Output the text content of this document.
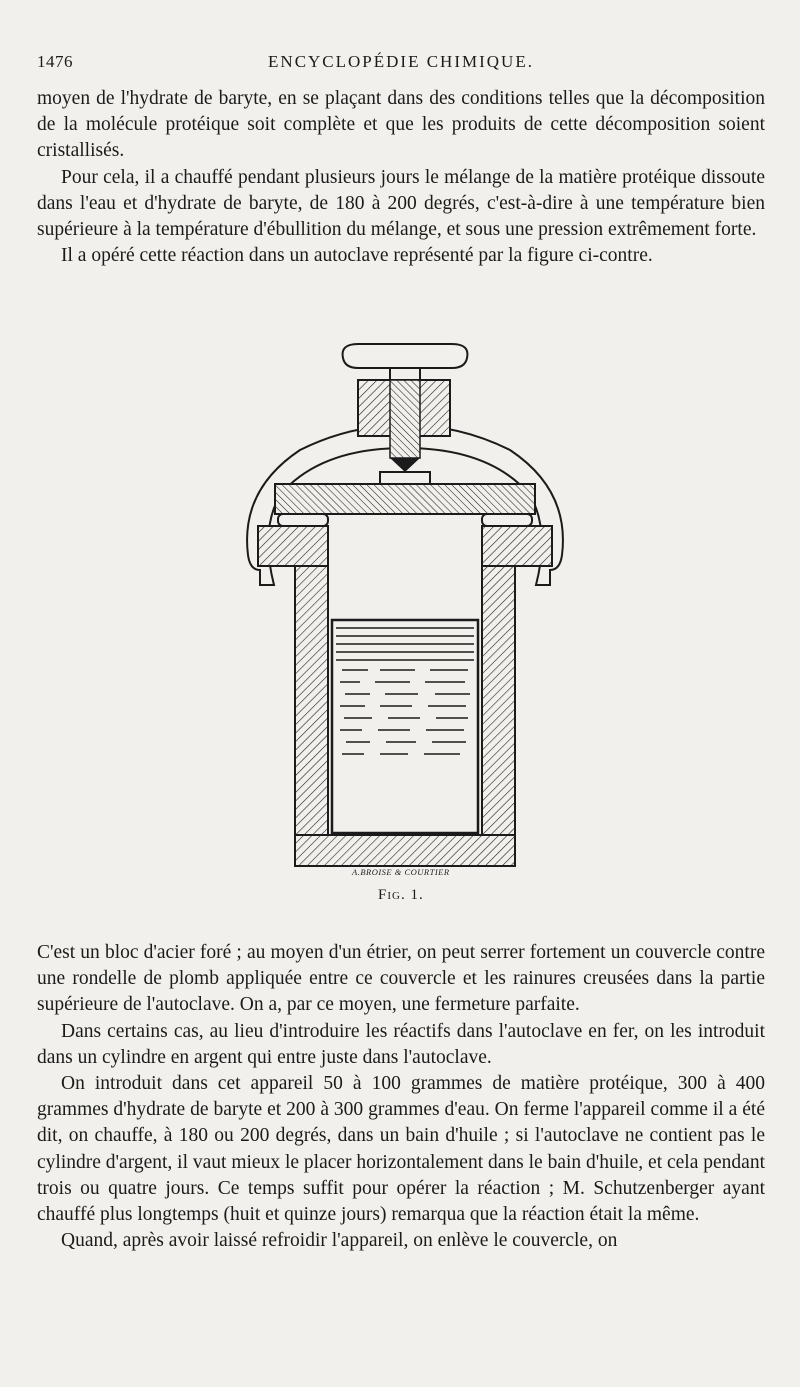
1476	ENCYCLOPÉDIE CHIMIQUE.

moyen de l'hydrate de baryte, en se plaçant dans des conditions telles que la décomposition de la molécule protéique soit complète et que les produits de cette décomposition soient cristallisés.

Pour cela, il a chauffé pendant plusieurs jours le mélange de la matière protéique dissoute dans l'eau et d'hydrate de baryte, de 180 à 200 degrés, c'est-à-dire à une température bien supérieure à la température d'ébullition du mélange, et sous une pression extrêmement forte.

Il a opéré cette réaction dans un autoclave représenté par la figure ci-contre.

A.BROISE & COURTIER
Fig. 1.

C'est un bloc d'acier foré ; au moyen d'un étrier, on peut serrer fortement un couvercle contre une rondelle de plomb appliquée entre ce couvercle et les rainures creusées dans la partie supérieure de l'autoclave. On a, par ce moyen, une fermeture parfaite.

Dans certains cas, au lieu d'introduire les réactifs dans l'autoclave en fer, on les introduit dans un cylindre en argent qui entre juste dans l'autoclave.

On introduit dans cet appareil 50 à 100 grammes de matière protéique, 300 à 400 grammes d'hydrate de baryte et 200 à 300 grammes d'eau. On ferme l'appareil comme il a été dit, on chauffe, à 180 ou 200 degrés, dans un bain d'huile ; si l'autoclave ne contient pas le cylindre d'argent, il vaut mieux le placer horizontalement dans le bain d'huile, et cela pendant trois ou quatre jours. Ce temps suffit pour opérer la réaction ; M. Schutzenberger ayant chauffé plus longtemps (huit et quinze jours) remarqua que la réaction était la même.

Quand, après avoir laissé refroidir l'appareil, on enlève le couvercle, on
